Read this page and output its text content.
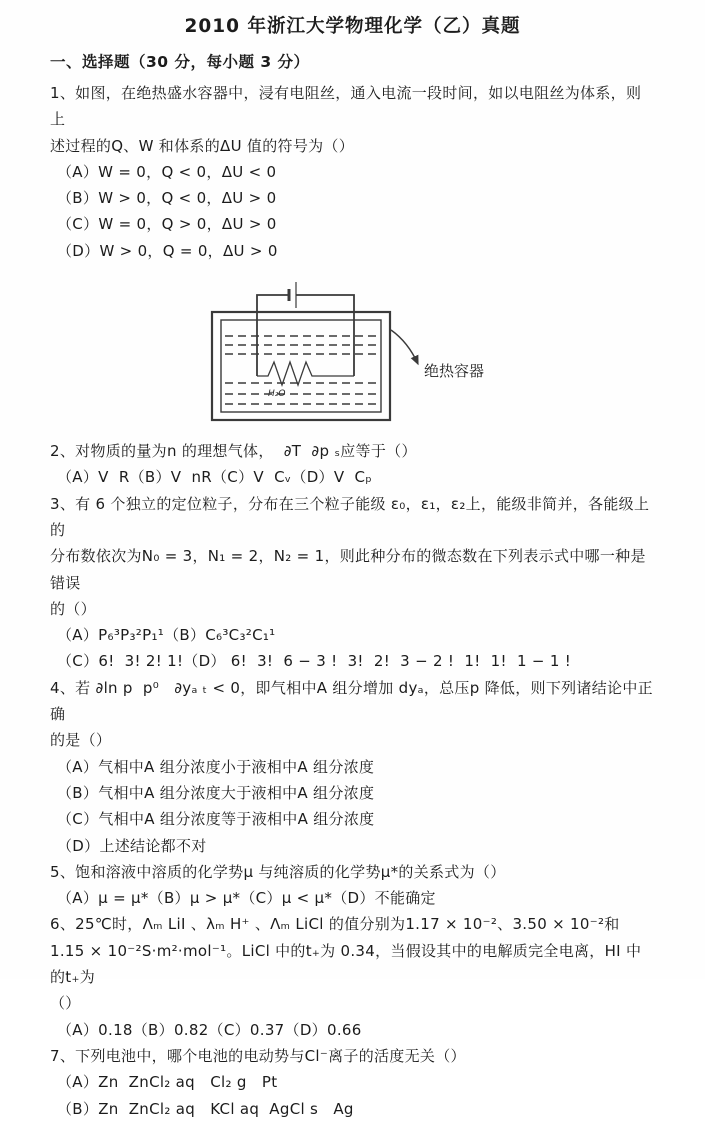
2010 年浙江大学物理化学（乙）真题
一、选择题（30 分，每小题 3 分）

1、如图，在绝热盛水容器中，浸有电阻丝，通入电流一段时间，如以电阻丝为体系，则上

述过程的Q、W 和体系的ΔU 值的符号为（）

（A）W = 0，Q < 0，ΔU < 0

（B）W > 0，Q < 0，ΔU > 0

（C）W = 0，Q > 0，ΔU > 0

（D）W > 0，Q = 0，ΔU > 0

H₂O
绝热容器

2、对物质的量为n 的理想气体，  ∂T  ∂p ₛ应等于（）

（A）V  R（B）V  nR（C）V  Cᵥ（D）V  Cₚ

3、有 6 个独立的定位粒子，分布在三个粒子能级 ε₀，ε₁，ε₂上，能级非简并，各能级上的

分布数依次为N₀ = 3，N₁ = 2，N₂ = 1，则此种分布的微态数在下列表示式中哪一种是错误

的（）

（A）P₆³P₃²P₁¹（B）C₆³C₃²C₁¹

（C）6!  3! 2! 1!（D） 6!  3!  6 − 3 !  3!  2!  3 − 2 !  1!  1!  1 − 1 !

4、若 ∂ln p  p⁰   ∂yₐ ₜ < 0，即气相中A 组分增加 dyₐ，总压p 降低，则下列诸结论中正确

的是（）

（A）气相中A 组分浓度小于液相中A 组分浓度

（B）气相中A 组分浓度大于液相中A 组分浓度

（C）气相中A 组分浓度等于液相中A 组分浓度

（D）上述结论都不对

5、饱和溶液中溶质的化学势μ 与纯溶质的化学势μ*的关系式为（）

（A）μ = μ*（B）μ > μ*（C）μ < μ*（D）不能确定

6、25℃时，Λₘ LiI 、λₘ H⁺ 、Λₘ LiCl 的值分别为1.17 × 10⁻²、3.50 × 10⁻²和

1.15 × 10⁻²S·m²·mol⁻¹。LiCl 中的t₊为 0.34，当假设其中的电解质完全电离，HI 中的t₊为

（）

（A）0.18（B）0.82（C）0.37（D）0.66

7、下列电池中，哪个电池的电动势与Cl⁻离子的活度无关（）

（A）Zn  ZnCl₂ aq   Cl₂ g   Pt

（B）Zn  ZnCl₂ aq   KCl aq  AgCl s   Ag
